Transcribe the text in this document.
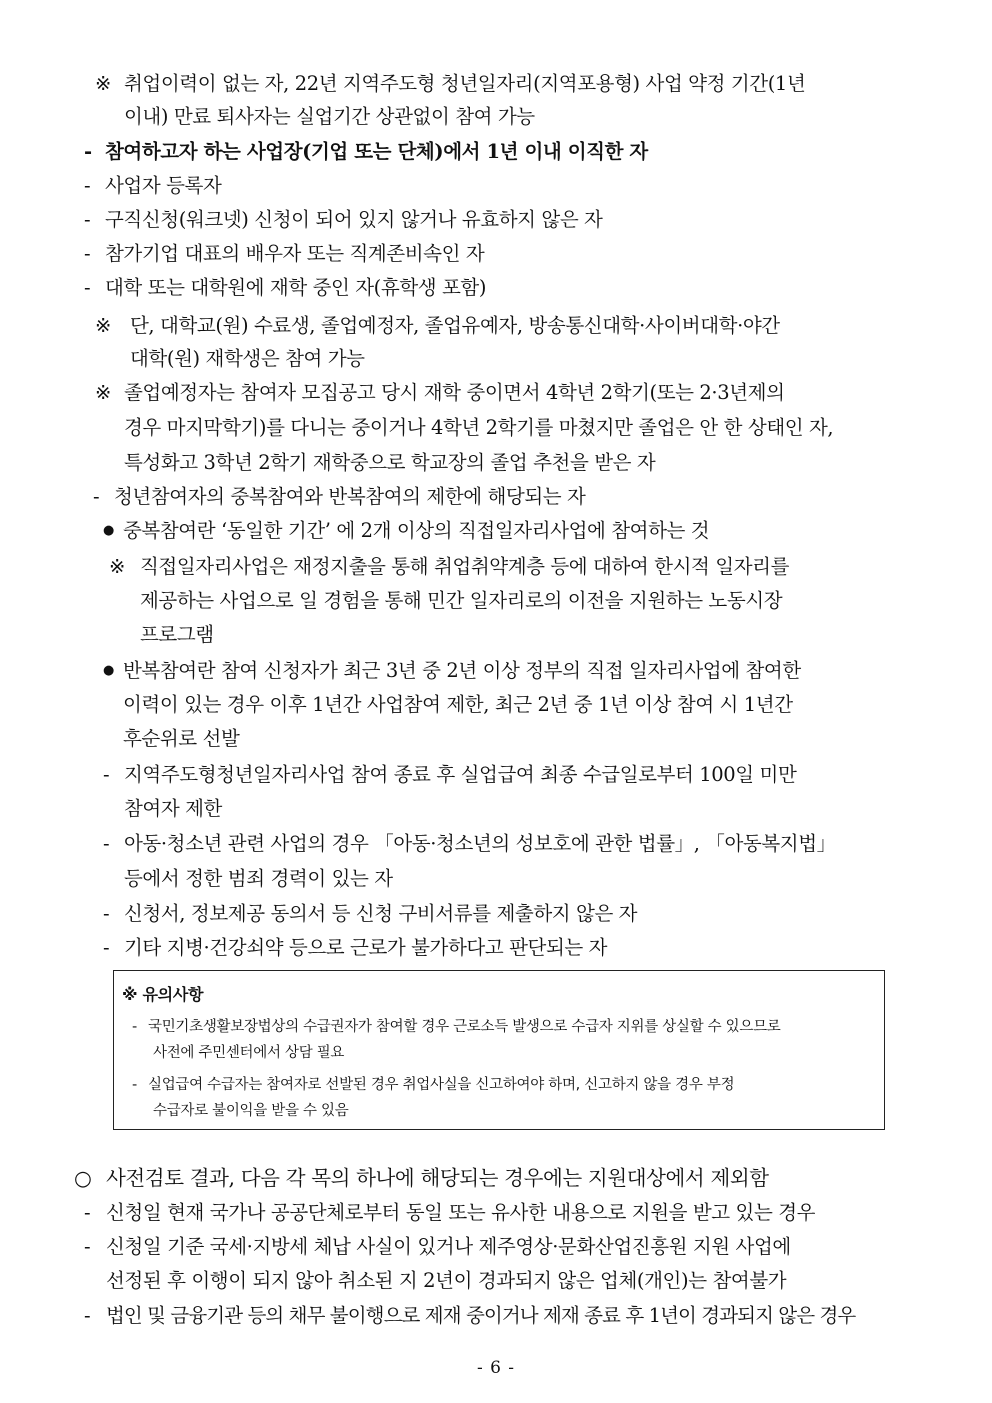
※ 취업이력이 없는 자, 22년 지역주도형 청년일자리(지역포용형) 사업 약정 기간(1년
이내) 만료 퇴사자는 실업기간 상관없이 참여 가능
- 참여하고자 하는 사업장(기업 또는 단체)에서 1년 이내 이직한 자
- 사업자 등록자
- 구직신청(워크넷) 신청이 되어 있지 않거나 유효하지 않은 자
- 참가기업 대표의 배우자 또는 직계존비속인 자
- 대학 또는 대학원에 재학 중인 자(휴학생 포함)
※ 단, 대학교(원) 수료생, 졸업예정자, 졸업유예자, 방송통신대학·사이버대학·야간
대학(원) 재학생은 참여 가능
※ 졸업예정자는 참여자 모집공고 당시 재학 중이면서 4학년 2학기(또는 2·3년제의
경우 마지막학기)를 다니는 중이거나 4학년 2학기를 마쳤지만 졸업은 안 한 상태인 자,
특성화고 3학년 2학기 재학중으로 학교장의 졸업 추천을 받은 자
- 청년참여자의 중복참여와 반복참여의 제한에 해당되는 자
● 중복참여란 ‘동일한 기간’ 에 2개 이상의 직접일자리사업에 참여하는 것
※ 직접일자리사업은 재정지출을 통해 취업취약계층 등에 대하여 한시적 일자리를
제공하는 사업으로 일 경험을 통해 민간 일자리로의 이전을 지원하는 노동시장
프로그램
● 반복참여란 참여 신청자가 최근 3년 중 2년 이상 정부의 직접 일자리사업에 참여한
이력이 있는 경우 이후 1년간 사업참여 제한, 최근 2년 중 1년 이상 참여 시 1년간
후순위로 선발
- 지역주도형청년일자리사업 참여 종료 후 실업급여 최종 수급일로부터 100일 미만
참여자 제한
- 아동·청소년 관련 사업의 경우 「아동·청소년의 성보호에 관한 법률」, 「아동복지법」
등에서 정한 범죄 경력이 있는 자
- 신청서, 정보제공 동의서 등 신청 구비서류를 제출하지 않은 자
- 기타 지병·건강쇠약 등으로 근로가 불가하다고 판단되는 자
※ 유의사항
- 국민기초생활보장법상의 수급권자가 참여할 경우 근로소득 발생으로 수급자 지위를 상실할 수 있으므로
사전에 주민센터에서 상담 필요
- 실업급여 수급자는 참여자로 선발된 경우 취업사실을 신고하여야 하며, 신고하지 않을 경우 부정
수급자로 불이익을 받을 수 있음
○ 사전검토 결과, 다음 각 목의 하나에 해당되는 경우에는 지원대상에서 제외함
- 신청일 현재 국가나 공공단체로부터 동일 또는 유사한 내용으로 지원을 받고 있는 경우
- 신청일 기준 국세·지방세 체납 사실이 있거나 제주영상·문화산업진흥원 지원 사업에
선정된 후 이행이 되지 않아 취소된 지 2년이 경과되지 않은 업체(개인)는 참여불가
- 법인 및 금융기관 등의 채무 불이행으로 제재 중이거나 제재 종료 후 1년이 경과되지 않은 경우
- 6 -
